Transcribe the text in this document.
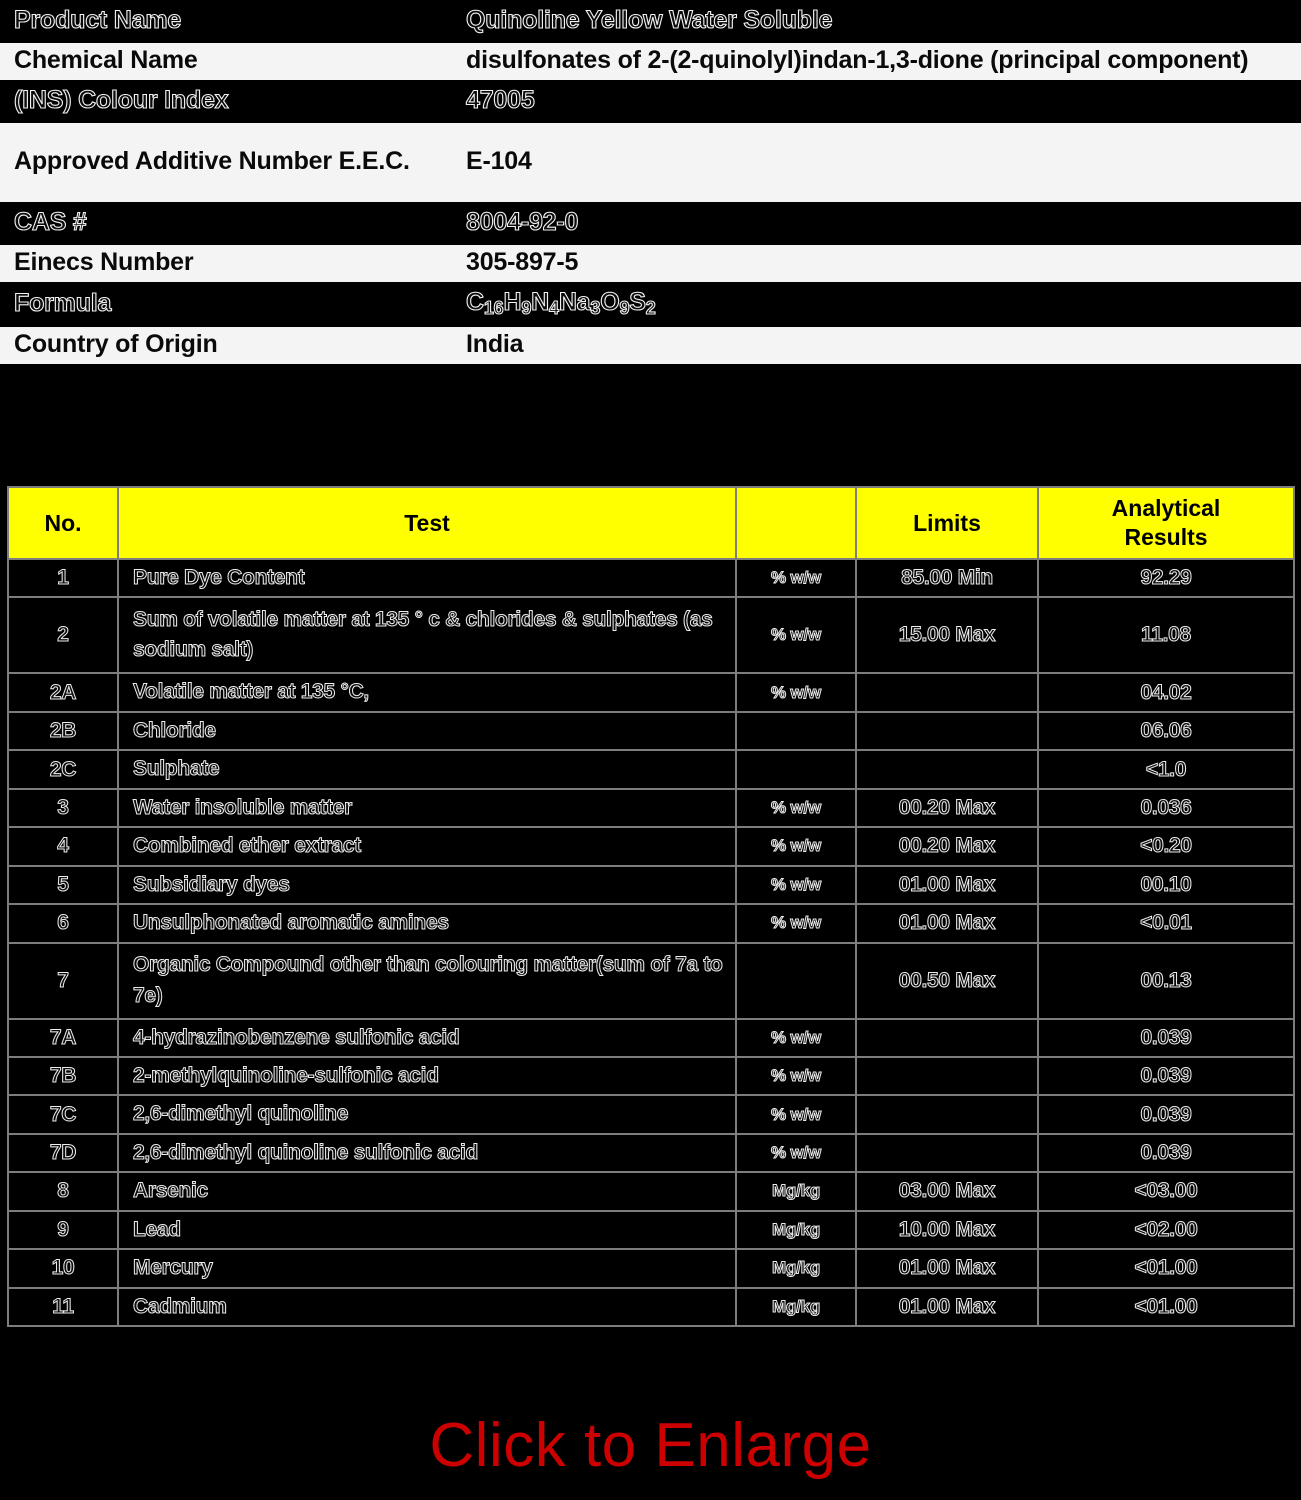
Product Name	Quinoline Yellow Water Soluble
Chemical Name	disulfonates of 2-(2-quinolyl)indan-1,3-dione (principal component)
(INS) Colour Index	47005
Approved Additive Number E.E.C.	E-104
CAS #	8004-92-0
Einecs Number	305-897-5
Formula	$C_{16}H_9N_4Na_3O_9S_2$
Country of Origin	India
No.	Test		Limits	Analytical
Results
1	Pure Dye Content	% w/w	85.00 Min	92.29
2	Sum of volatile matter at 135 ° c & chlorides & sulphates (as sodium salt)	% w/w	15.00 Max	11.08
2A	Volatile matter at 135 °C,	% w/w		04.02
2B	Chloride			06.06
2C	Sulphate			<1.0
3	Water insoluble matter	% w/w	00.20 Max	0.036
4	Combined ether extract	% w/w	00.20 Max	<0.20
5	Subsidiary dyes	% w/w	01.00 Max	00.10
6	Unsulphonated aromatic amines	% w/w	01.00 Max	<0.01
7	Organic Compound other than colouring matter(sum of 7a to 7e)		00.50 Max	00.13
7A	4-hydrazinobenzene sulfonic acid	% w/w		0.039
7B	2-methylquinoline-sulfonic acid	% w/w		0.039
7C	2,6-dimethyl quinoline	% w/w		0.039
7D	2,6-dimethyl quinoline sulfonic acid	% w/w		0.039
8	Arsenic	Mg/kg	03.00 Max	<03.00
9	Lead	Mg/kg	10.00 Max	<02.00
10	Mercury	Mg/kg	01.00 Max	<01.00
11	Cadmium	Mg/kg	01.00 Max	<01.00
Click to Enlarge
